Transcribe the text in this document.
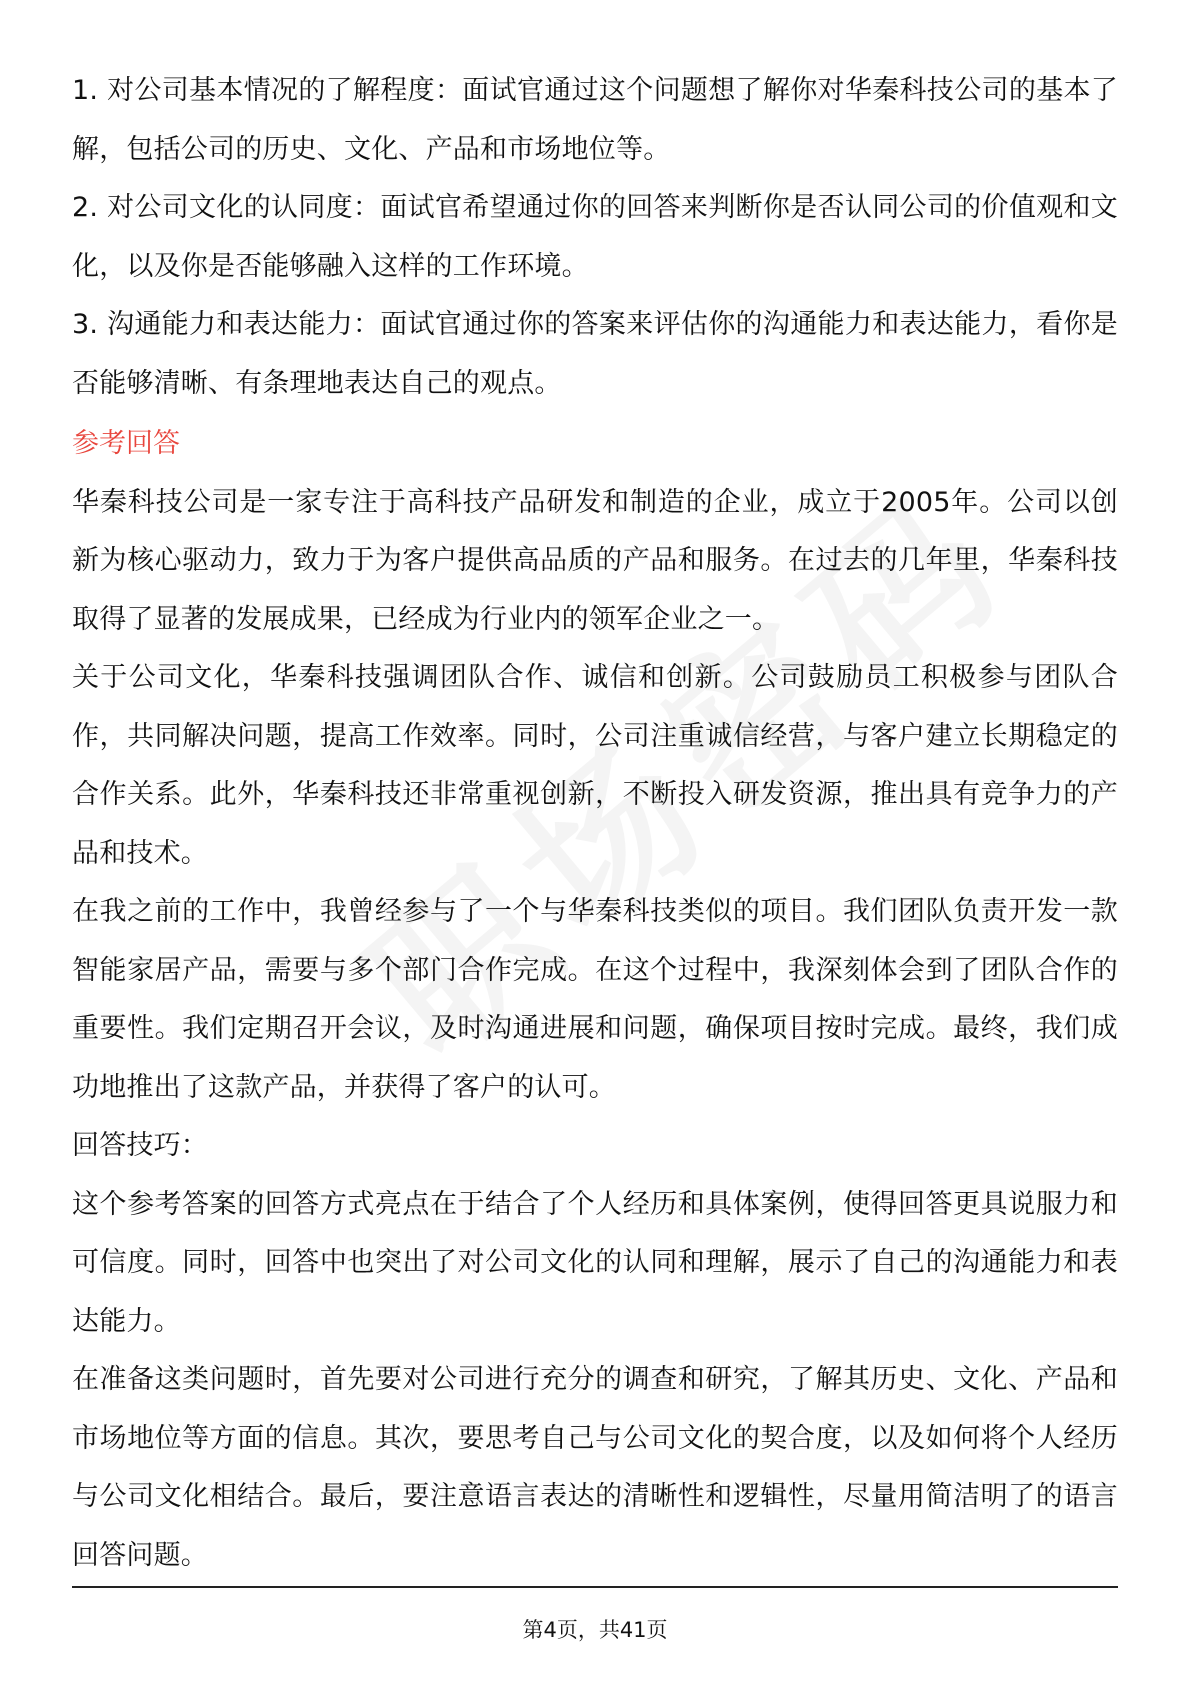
1. 对公司基本情况的了解程度：面试官通过这个问题想了解你对华秦科技公司的基本了解，包括公司的历史、文化、产品和市场地位等。

2. 对公司文化的认同度：面试官希望通过你的回答来判断你是否认同公司的价值观和文化，以及你是否能够融入这样的工作环境。

3. 沟通能力和表达能力：面试官通过你的答案来评估你的沟通能力和表达能力，看你是否能够清晰、有条理地表达自己的观点。

参考回答

华秦科技公司是一家专注于高科技产品研发和制造的企业，成立于2005年。公司以创新为核心驱动力，致力于为客户提供高品质的产品和服务。在过去的几年里，华秦科技取得了显著的发展成果，已经成为行业内的领军企业之一。

关于公司文化，华秦科技强调团队合作、诚信和创新。公司鼓励员工积极参与团队合作，共同解决问题，提高工作效率。同时，公司注重诚信经营，与客户建立长期稳定的合作关系。此外，华秦科技还非常重视创新，不断投入研发资源，推出具有竞争力的产品和技术。

在我之前的工作中，我曾经参与了一个与华秦科技类似的项目。我们团队负责开发一款智能家居产品，需要与多个部门合作完成。在这个过程中，我深刻体会到了团队合作的重要性。我们定期召开会议，及时沟通进展和问题，确保项目按时完成。最终，我们成功地推出了这款产品，并获得了客户的认可。

回答技巧：

这个参考答案的回答方式亮点在于结合了个人经历和具体案例，使得回答更具说服力和可信度。同时，回答中也突出了对公司文化的认同和理解，展示了自己的沟通能力和表达能力。

在准备这类问题时，首先要对公司进行充分的调查和研究，了解其历史、文化、产品和市场地位等方面的信息。其次，要思考自己与公司文化的契合度，以及如何将个人经历与公司文化相结合。最后，要注意语言表达的清晰性和逻辑性，尽量用简洁明了的语言回答问题。

第4页，共41页
